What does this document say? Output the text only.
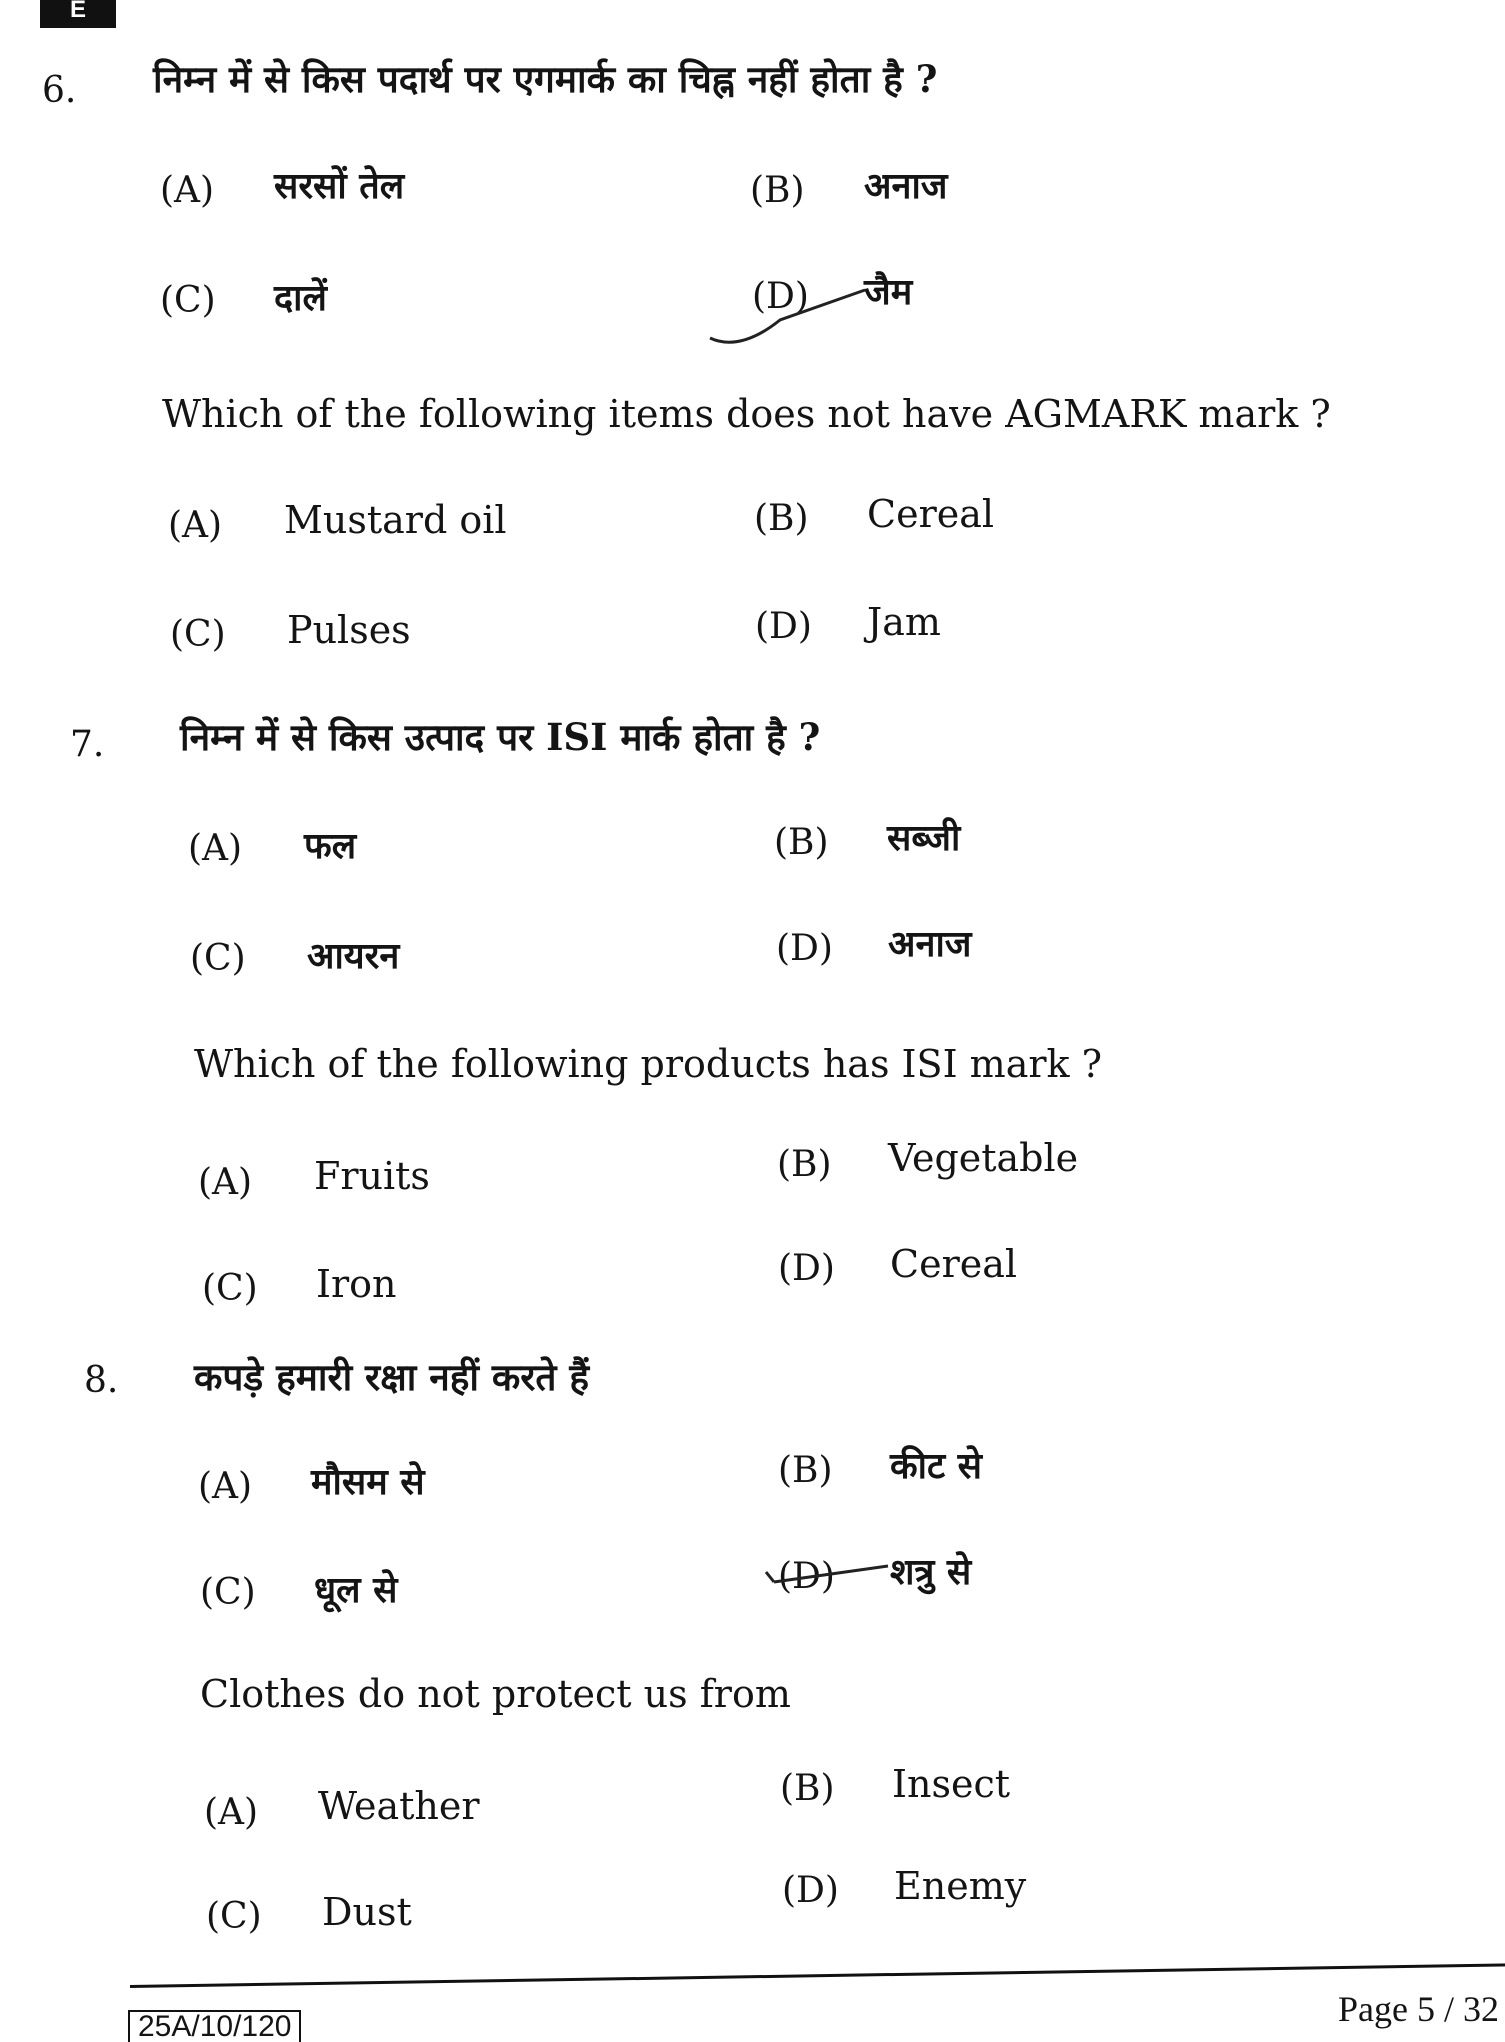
E
6. निम्न में से किस पदार्थ पर एगमार्क का चिह्न नहीं होता है ?
(A) सरसों तेल	(B) अनाज
(C) दालें	(D) जैम
Which of the following items does not have AGMARK mark ?
(A) Mustard oil	(B) Cereal
(C) Pulses	(D) Jam
7. निम्न में से किस उत्पाद पर ISI मार्क होता है ?
(A) फल	(B) सब्जी
(C) आयरन	(D) अनाज
Which of the following products has ISI mark ?
(A) Fruits	(B) Vegetable
(C) Iron	(D) Cereal
8. कपड़े हमारी रक्षा नहीं करते हैं
(A) मौसम से	(B) कीट से
(C) धूल से	(D) शत्रु से
Clothes do not protect us from
(A) Weather	(B) Insect
(C) Dust	(D) Enemy
25A/10/120	Page 5 / 32
